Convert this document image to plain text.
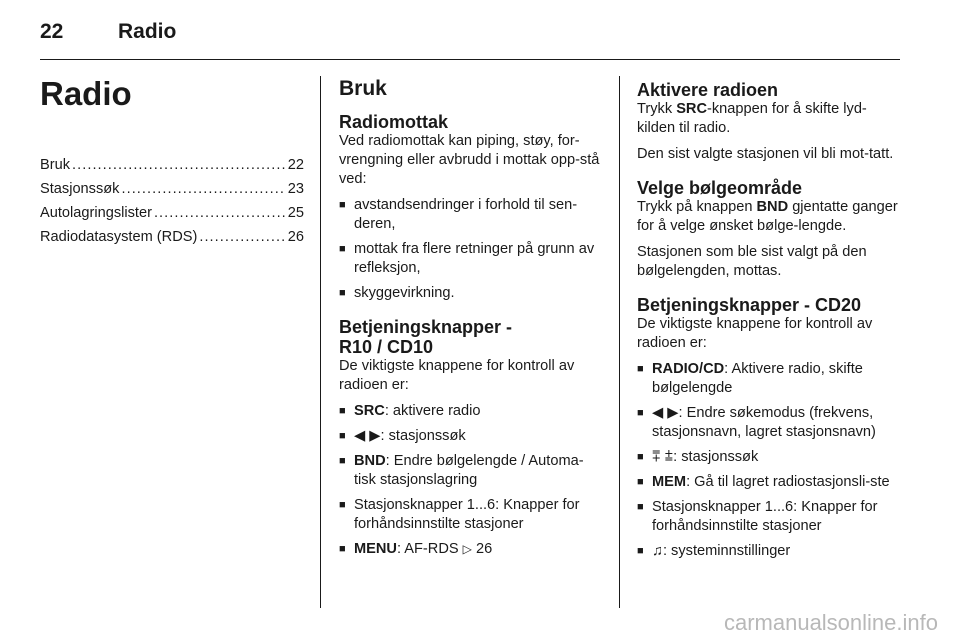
22	Radio
Radio
Bruk . . .	22
Stasjonssøk . . .	23
Autolagringslister . . .	25
Radiodatasystem (RDS) . . .	26
Bruk
Radiomottak

Ved radiomottak kan piping, støy, for-vrengning eller avbrudd i mottak opp-stå ved:

■ avstandsendringer i forhold til sen-deren,
■ mottak fra flere retninger på grunn av refleksjon,
■ skyggevirkning.
Betjeningsknapper -
R10 / CD10

De viktigste knappene for kontroll av radioen er:

■ SRC: aktivere radio
■ ◀ ▶: stasjonssøk
■ BND: Endre bølgelengde / Automa-tisk stasjonslagring
■ Stasjonsknapper 1...6: Knapper for forhåndsinnstilte stasjoner
■ MENU: AF-RDS ▷ 26
Aktivere radioen

Trykk SRC-knappen for å skifte lyd-kilden til radio.

Den sist valgte stasjonen vil bli mot-tatt.

Velge bølgeområde

Trykk på knappen BND gjentatte ganger for å velge ønsket bølge-lengde.

Stasjonen som ble sist valgt på den bølgelengden, mottas.

Betjeningsknapper - CD20

De viktigste knappene for kontroll av radioen er:

■ RADIO/CD: Aktivere radio, skifte bølgelengde
■ ◀ ▶: Endre søkemodus (frekvens, stasjonsnavn, lagret stasjonsnavn)
■ ⩱ ⩲: stasjonssøk
■ MEM: Gå til lagret radiostasjonsli-ste
■ Stasjonsknapper 1...6: Knapper for forhåndsinnstilte stasjoner
■ ♫: systeminnstillinger
carmanualsonline.info
